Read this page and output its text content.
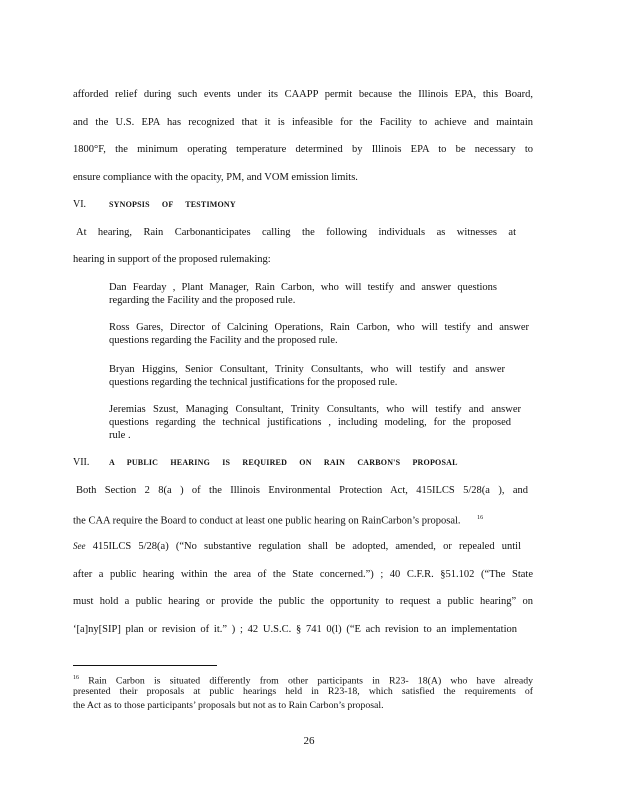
afforded relief during such events under its CAAPP permit because the Illinois EPA, this Board,
and the U.S. EPA has recognized that it is infeasible for the Facility to achieve and maintain
1800°F, the minimum operating temperature determined by Illinois EPA to be necessary to
ensure compliance with the opacity, PM, and VOM emission limits.
VI.	SYNOPSIS OF TESTIMONY
At hearing, Rain Carbonanticipates calling the following individuals as witnesses at
hearing in support of the proposed rulemaking:
Dan Fearday , Plant Manager, Rain Carbon, who will testify and answer questions
regarding the Facility and the proposed rule.
Ross Gares, Director of Calcining Operations, Rain Carbon, who will testify and answer
questions regarding the Facility and the proposed rule.
Bryan Higgins, Senior Consultant, Trinity Consultants, who will testify and answer
questions regarding the technical justifications for the proposed rule.
Jeremias Szust, Managing Consultant, Trinity Consultants, who will testify and answer
questions regarding the technical justifications , including modeling, for the proposed
rule .
VII. A PUBLIC HEARING IS REQUIRED ON RAIN CARBON'S PROPOSAL
Both Section 2 8(a ) of the Illinois Environmental Protection Act, 415ILCS 5/28(a ), and
the CAA require the Board to conduct at least one public hearing on RainCarbon’s proposal.	$^{16}$
See 415ILCS 5/28(a) (“No substantive regulation shall be adopted, amended, or repealed until
after a public hearing within the area of the State concerned.”) ; 40 C.F.R. §51.102 (“The State
must hold a public hearing or provide the public the opportunity to request a public hearing” on
‘[a]ny[SIP] plan or revision of it.” ) ; 42 U.S.C. § 741 0(l) (“E ach revision to an implementation
$^{16}$ Rain Carbon is situated differently from other participants in R23- 18(A) who have already
presented their proposals at public hearings held in R23-18, which satisfied the requirements of
the Act as to those participants’ proposals but not as to Rain Carbon’s proposal.
26
